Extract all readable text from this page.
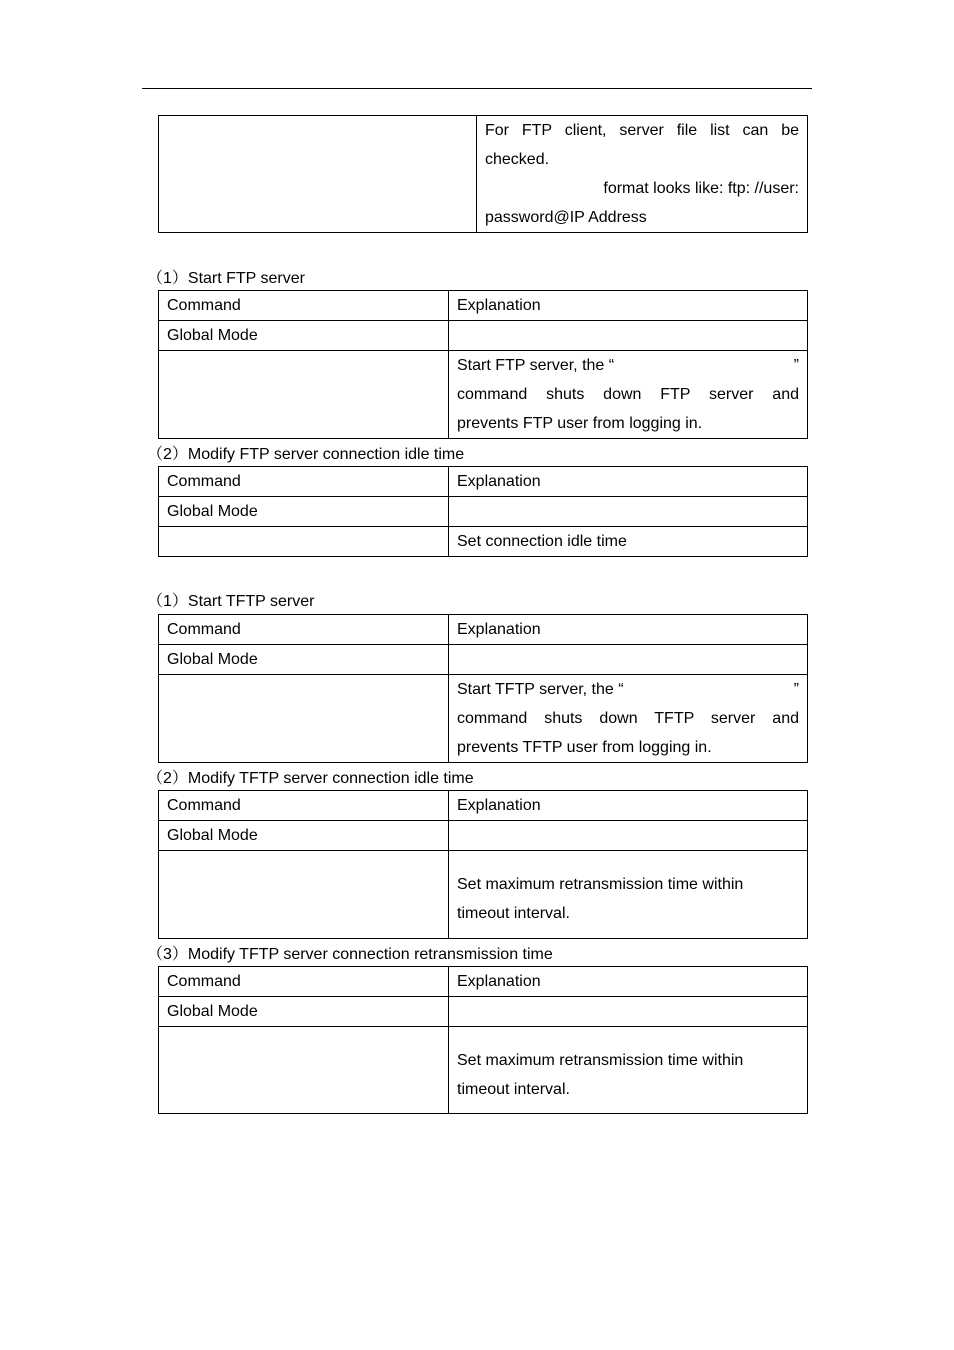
For FTP client, server file list can be
checked.
format looks like: ftp: //user:
password@IP Address
（1）Start FTP server
Command	Explanation
Global Mode	

	Start FTP server, the “ ”
command shuts down FTP server and
prevents FTP user from logging in.
（2）Modify FTP server connection idle time
Command	Explanation
Global Mode	
	Set connection idle time
（1）Start TFTP server
Command	Explanation
Global Mode	

	Start TFTP server, the “ ”
command shuts down TFTP server and
prevents TFTP user from logging in.
（2）Modify TFTP server connection idle time
Command	Explanation
Global Mode	

	Set maximum retransmission time within
timeout interval.
（3）Modify TFTP server connection retransmission time
Command	Explanation
Global Mode	

	Set maximum retransmission time within
timeout interval.
